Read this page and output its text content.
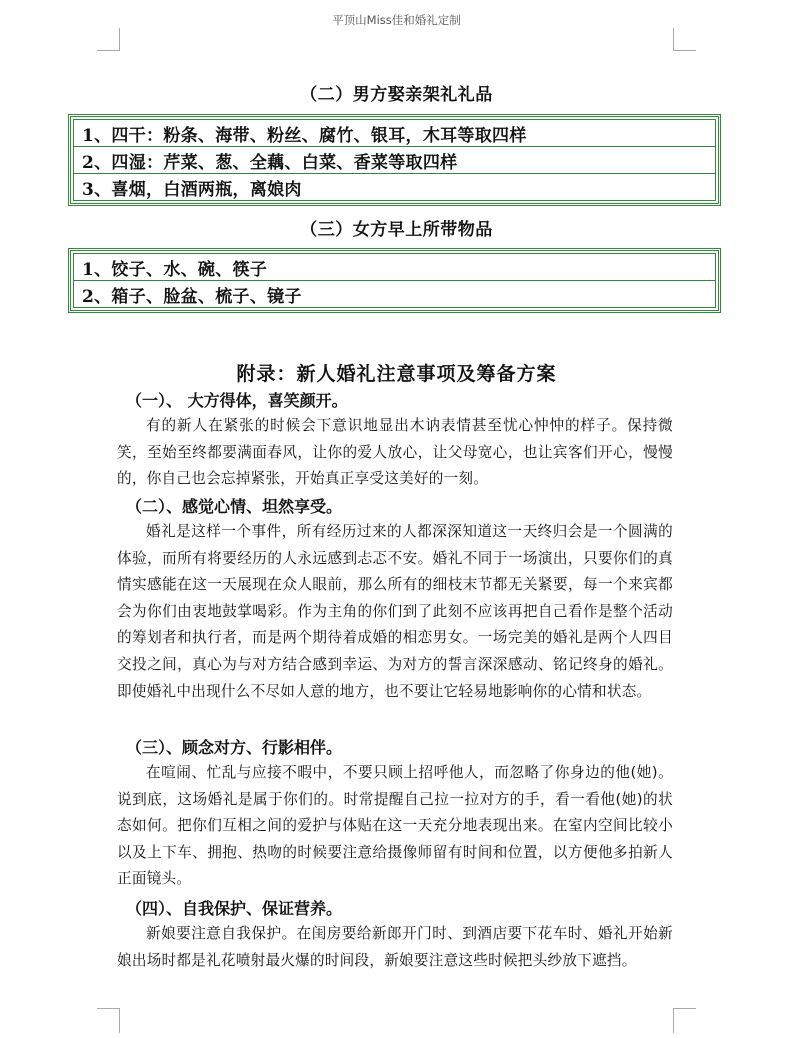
平顶山Miss佳和婚礼定制
（二）男方娶亲架礼礼品
1、四干：粉条、海带、粉丝、腐竹、银耳，木耳等取四样
2、四湿：芹菜、葱、全藕、白菜、香菜等取四样
3、喜烟，白酒两瓶，离娘肉
（三）女方早上所带物品
1、饺子、水、碗、筷子
2、箱子、脸盆、梳子、镜子
附录：新人婚礼注意事项及筹备方案
（一）、 大方得体，喜笑颜开。

有的新人在紧张的时候会下意识地显出木讷表情甚至忧心忡忡的样子。保持微笑，至始至终都要满面春风，让你的爱人放心，让父母宽心，也让宾客们开心，慢慢的，你自己也会忘掉紧张，开始真正享受这美好的一刻。

（二）、感觉心情、坦然享受。

婚礼是这样一个事件，所有经历过来的人都深深知道这一天终归会是一个圆满的体验，而所有将要经历的人永远感到忐忑不安。婚礼不同于一场演出，只要你们的真情实感能在这一天展现在众人眼前，那么所有的细枝末节都无关紧要，每一个来宾都会为你们由衷地鼓掌喝彩。作为主角的你们到了此刻不应该再把自己看作是整个活动的筹划者和执行者，而是两个期待着成婚的相恋男女。一场完美的婚礼是两个人四目交投之间，真心为与对方结合感到幸运、为对方的誓言深深感动、铭记终身的婚礼。即使婚礼中出现什么不尽如人意的地方，也不要让它轻易地影响你的心情和状态。

（三）、顾念对方、行影相伴。

在喧闹、忙乱与应接不暇中，不要只顾上招呼他人，而忽略了你身边的他(她)。说到底，这场婚礼是属于你们的。时常提醒自己拉一拉对方的手，看一看他(她)的状态如何。把你们互相之间的爱护与体贴在这一天充分地表现出来。在室内空间比较小以及上下车、拥抱、热吻的时候要注意给摄像师留有时间和位置，以方便他多拍新人正面镜头。

（四）、自我保护、保证营养。

新娘要注意自我保护。在闺房要给新郎开门时、到酒店要下花车时、婚礼开始新娘出场时都是礼花喷射最火爆的时间段，新娘要注意这些时候把头纱放下遮挡。
